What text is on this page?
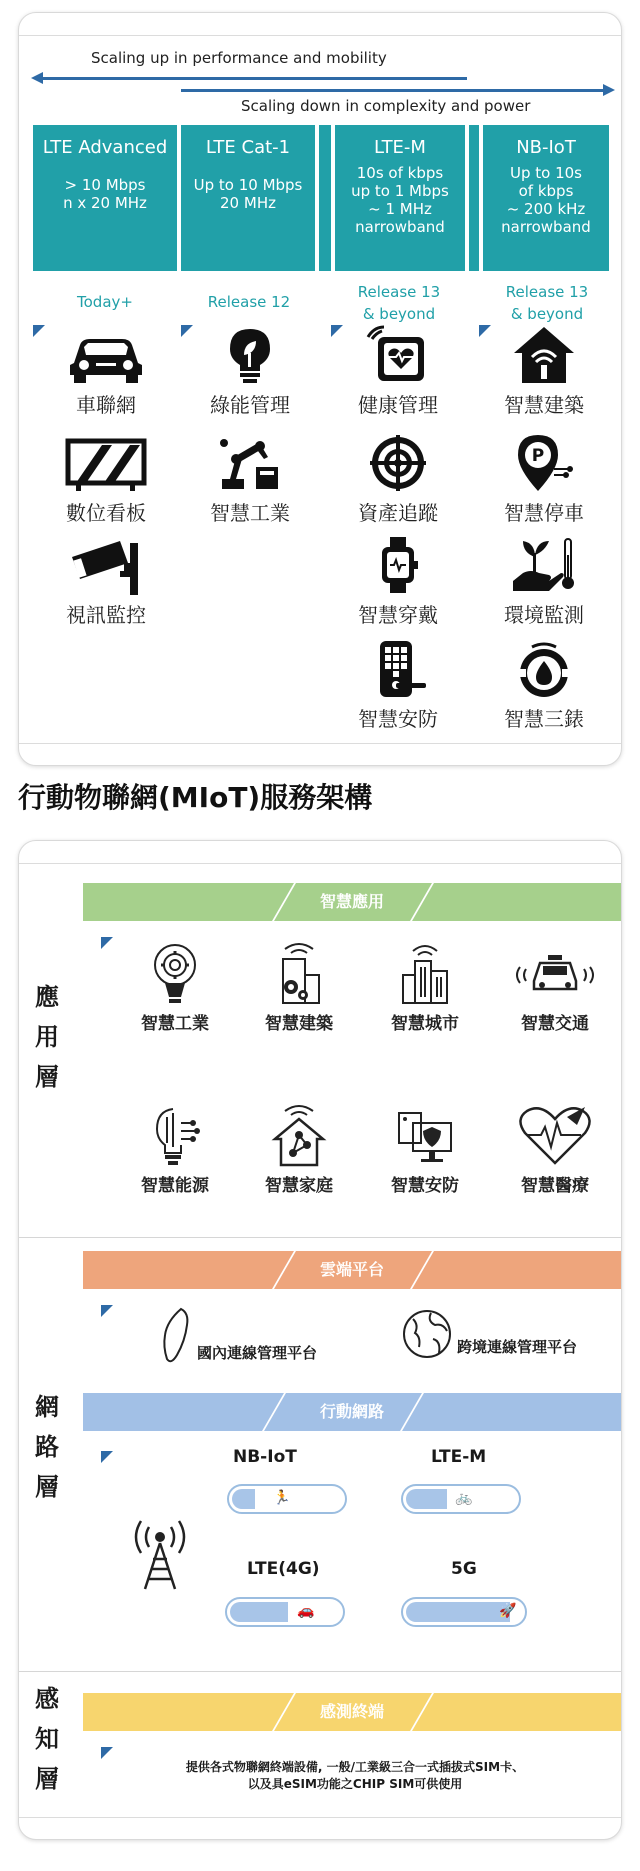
Scaling up in performance and mobility
Scaling down in complexity and power
LTE Advanced
> 10 Mbps
n x 20 MHz
LTE Cat-1
Up to 10 Mbps
20 MHz
LTE-M
10s of kbps
up to 1 Mbps
~ 1 MHz
narrowband
NB-IoT
Up to 10s
of kbps
~ 200 kHz
narrowband
Today+	Release 12
Release 13
& beyond
Release 13
& beyond
車聯網
數位看板
視訊監控
綠能管理
智慧工業
健康管理
資產追蹤
智慧穿戴
智慧安防
智慧建築
P
智慧停車
環境監測
智慧三錶
行動物聯網(MIoT)服務架構
應
用
層
智慧應用
智慧工業	智慧建築	智慧城市	智慧交通
智慧能源	智慧家庭	智慧安防	智慧醫療
網
路
層
雲端平台
國內連線管理平台	跨境連線管理平台
行動網路
NB-IoT
🏃
LTE-M
🚲
LTE(4G)
🚗
5G
🚀
感
知
層
感測終端
提供各式物聯網終端設備, 一般/工業級三合一式插拔式SIM卡、
以及具eSIM功能之CHIP SIM可供使用
